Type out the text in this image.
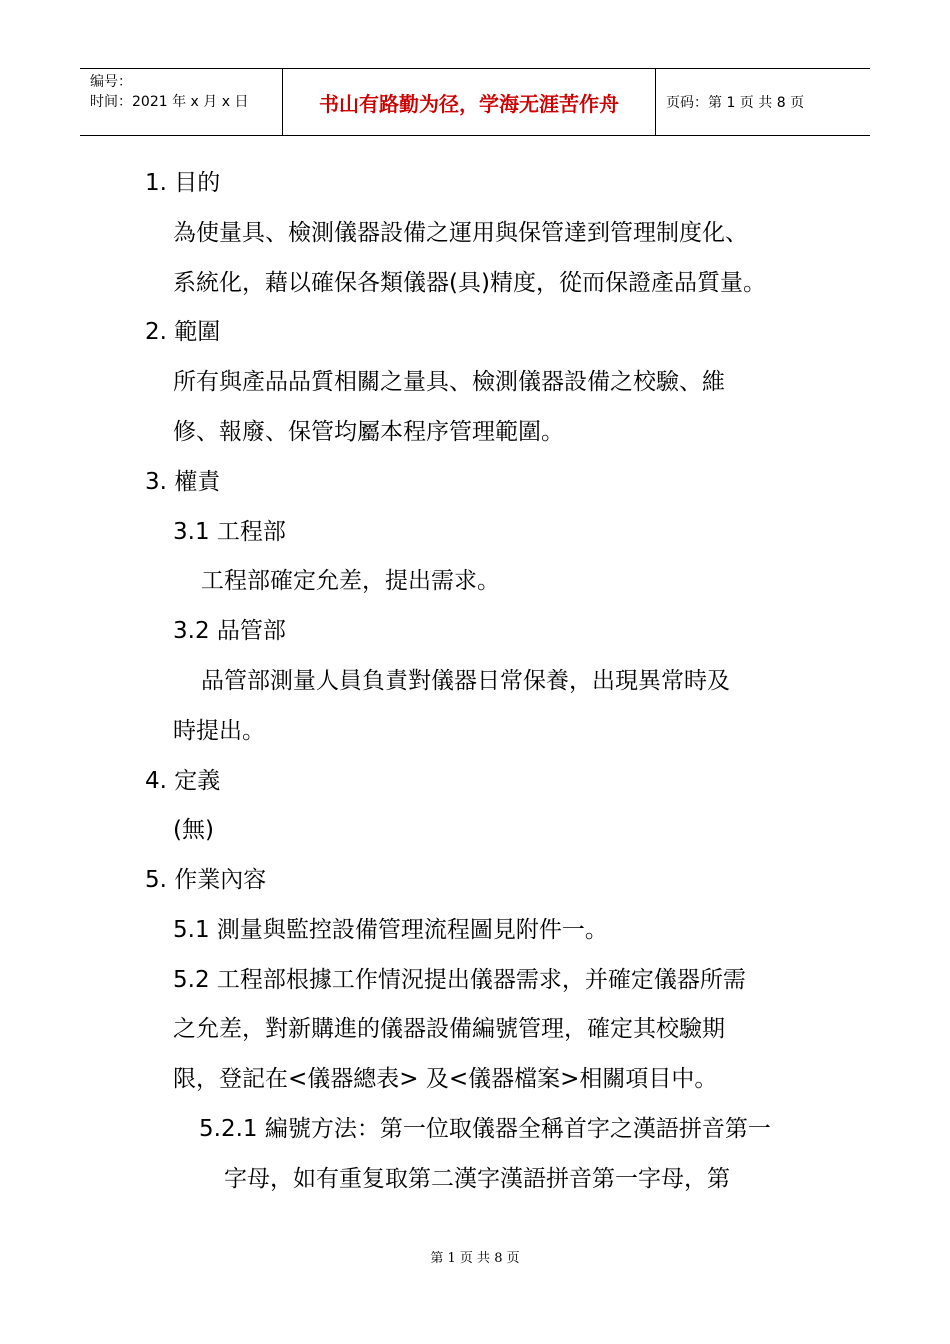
编号：
时间：2021 年 x 月 x 日	书山有路勤为径，学海无涯苦作舟	页码：第 1 页 共 8 页
1. 目的
為使量具、檢測儀器設備之運用與保管達到管理制度化、
系統化，藉以確保各類儀器(具)精度，從而保證產品質量。
2. 範圍
所有與產品品質相關之量具、檢測儀器設備之校驗、維
修、報廢、保管均屬本程序管理範圍。
3. 權責
3.1 工程部
工程部確定允差，提出需求。
3.2 品管部
品管部測量人員負責對儀器日常保養，出現異常時及
時提出。
4. 定義
(無)
5. 作業內容
5.1 測量與監控設備管理流程圖見附件一。
5.2 工程部根據工作情況提出儀器需求，并確定儀器所需
之允差，對新購進的儀器設備編號管理，確定其校驗期
限，登記在<儀器總表> 及<儀器檔案>相關項目中。
5.2.1 編號方法：第一位取儀器全稱首字之漢語拼音第一
字母，如有重复取第二漢字漢語拼音第一字母，第
第 1 页 共 8 页
